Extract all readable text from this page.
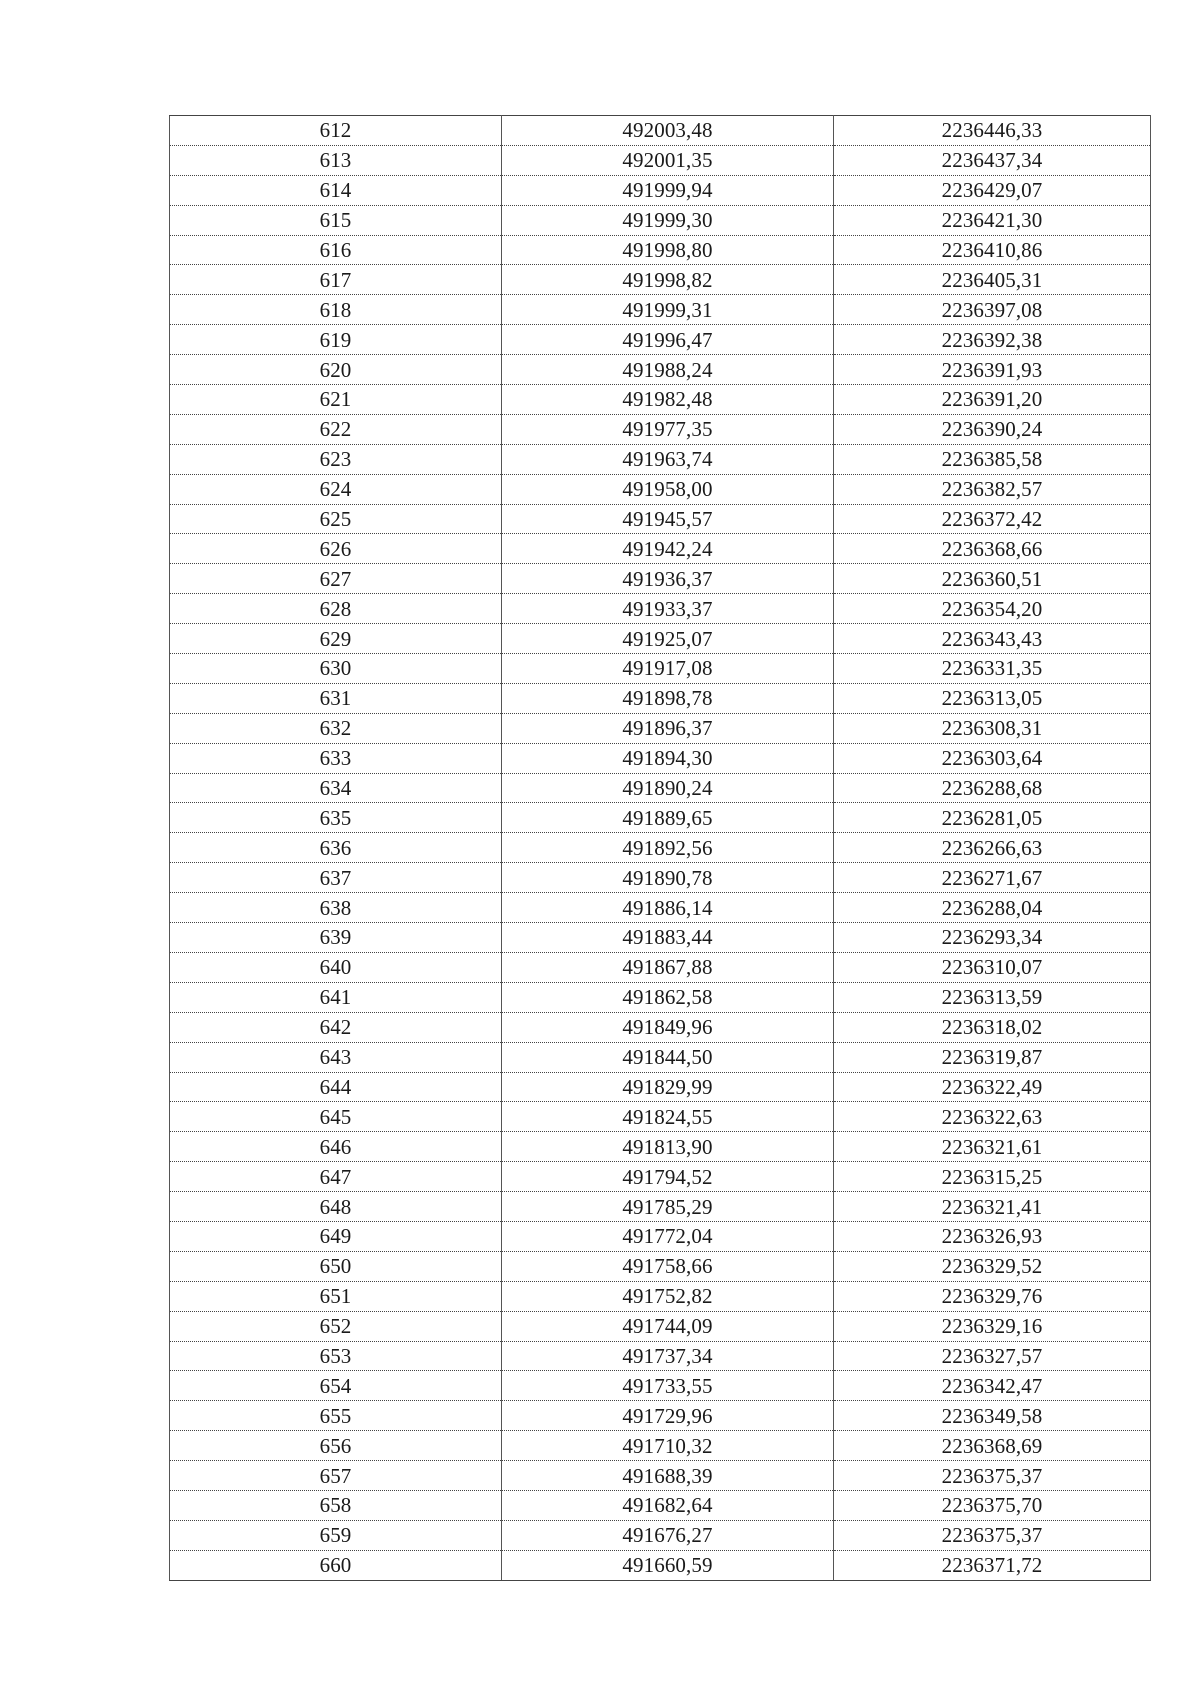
612	492003,48	2236446,33
613	492001,35	2236437,34
614	491999,94	2236429,07
615	491999,30	2236421,30
616	491998,80	2236410,86
617	491998,82	2236405,31
618	491999,31	2236397,08
619	491996,47	2236392,38
620	491988,24	2236391,93
621	491982,48	2236391,20
622	491977,35	2236390,24
623	491963,74	2236385,58
624	491958,00	2236382,57
625	491945,57	2236372,42
626	491942,24	2236368,66
627	491936,37	2236360,51
628	491933,37	2236354,20
629	491925,07	2236343,43
630	491917,08	2236331,35
631	491898,78	2236313,05
632	491896,37	2236308,31
633	491894,30	2236303,64
634	491890,24	2236288,68
635	491889,65	2236281,05
636	491892,56	2236266,63
637	491890,78	2236271,67
638	491886,14	2236288,04
639	491883,44	2236293,34
640	491867,88	2236310,07
641	491862,58	2236313,59
642	491849,96	2236318,02
643	491844,50	2236319,87
644	491829,99	2236322,49
645	491824,55	2236322,63
646	491813,90	2236321,61
647	491794,52	2236315,25
648	491785,29	2236321,41
649	491772,04	2236326,93
650	491758,66	2236329,52
651	491752,82	2236329,76
652	491744,09	2236329,16
653	491737,34	2236327,57
654	491733,55	2236342,47
655	491729,96	2236349,58
656	491710,32	2236368,69
657	491688,39	2236375,37
658	491682,64	2236375,70
659	491676,27	2236375,37
660	491660,59	2236371,72
